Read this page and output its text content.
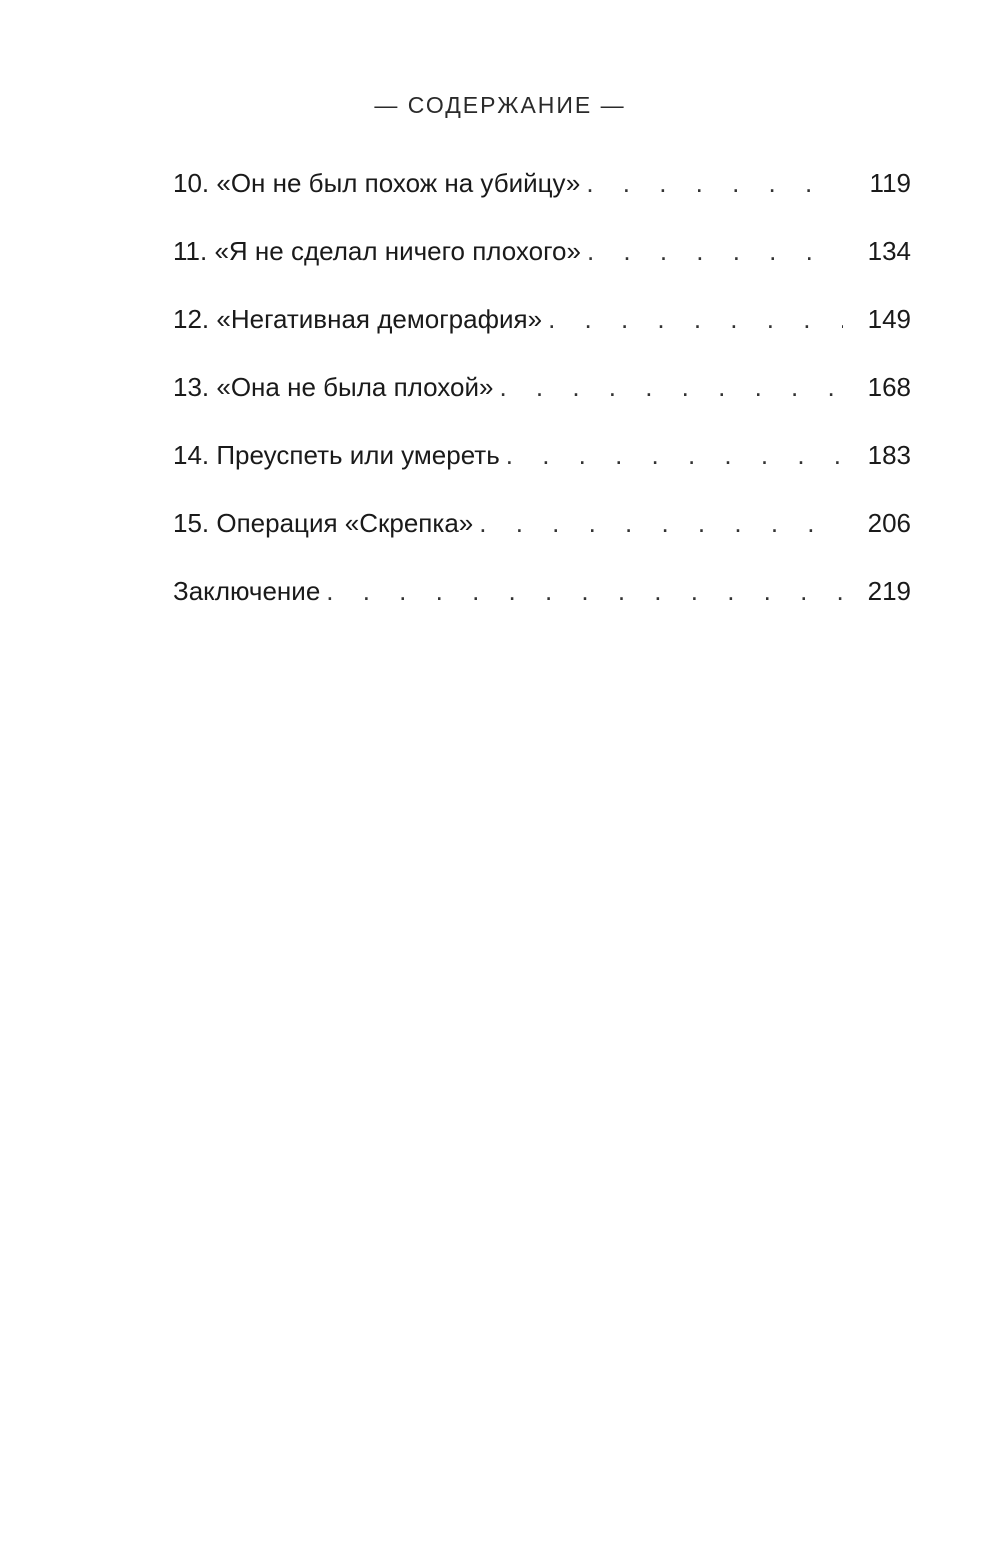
— СОДЕРЖАНИЕ —
10. «Он не был похож на убийцу» . . .	119
11. «Я не сделал ничего плохого» . . .	134
12. «Негативная демография» . . .	149
13. «Она не была плохой» . . .	168
14. Преуспеть или умереть . . .	183
15. Операция «Скрепка» . . .	206
Заключение . . .	219
